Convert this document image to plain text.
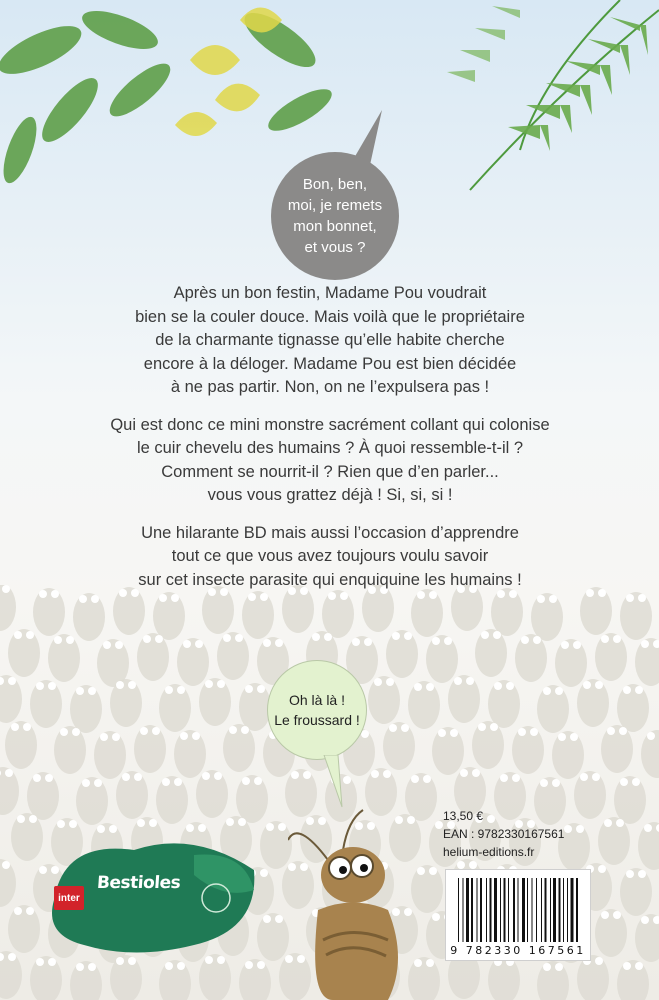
Bon, ben,
moi, je remets
mon bonnet,
et vous ?

Après un bon festin, Madame Pou voudrait
bien se la couler douce. Mais voilà que le propriétaire
de la charmante tignasse qu’elle habite cherche
encore à la déloger. Madame Pou est bien décidée
à ne pas partir. Non, on ne l’expulsera pas !

Qui est donc ce mini monstre sacrément collant qui colonise
le cuir chevelu des humains ? À quoi ressemble-t-il ?
Comment se nourrit-il ? Rien que d’en parler...
vous vous grattez déjà ! Si, si, si !

Une hilarante BD mais aussi l’occasion d’apprendre
tout ce que vous avez toujours voulu savoir
sur cet insecte parasite qui enquiquine les humains !

Oh là là !
Le froussard !
inter
Bestioles
13,50 €
EAN : 9782330167561
helium-editions.fr
9 782330 167561
